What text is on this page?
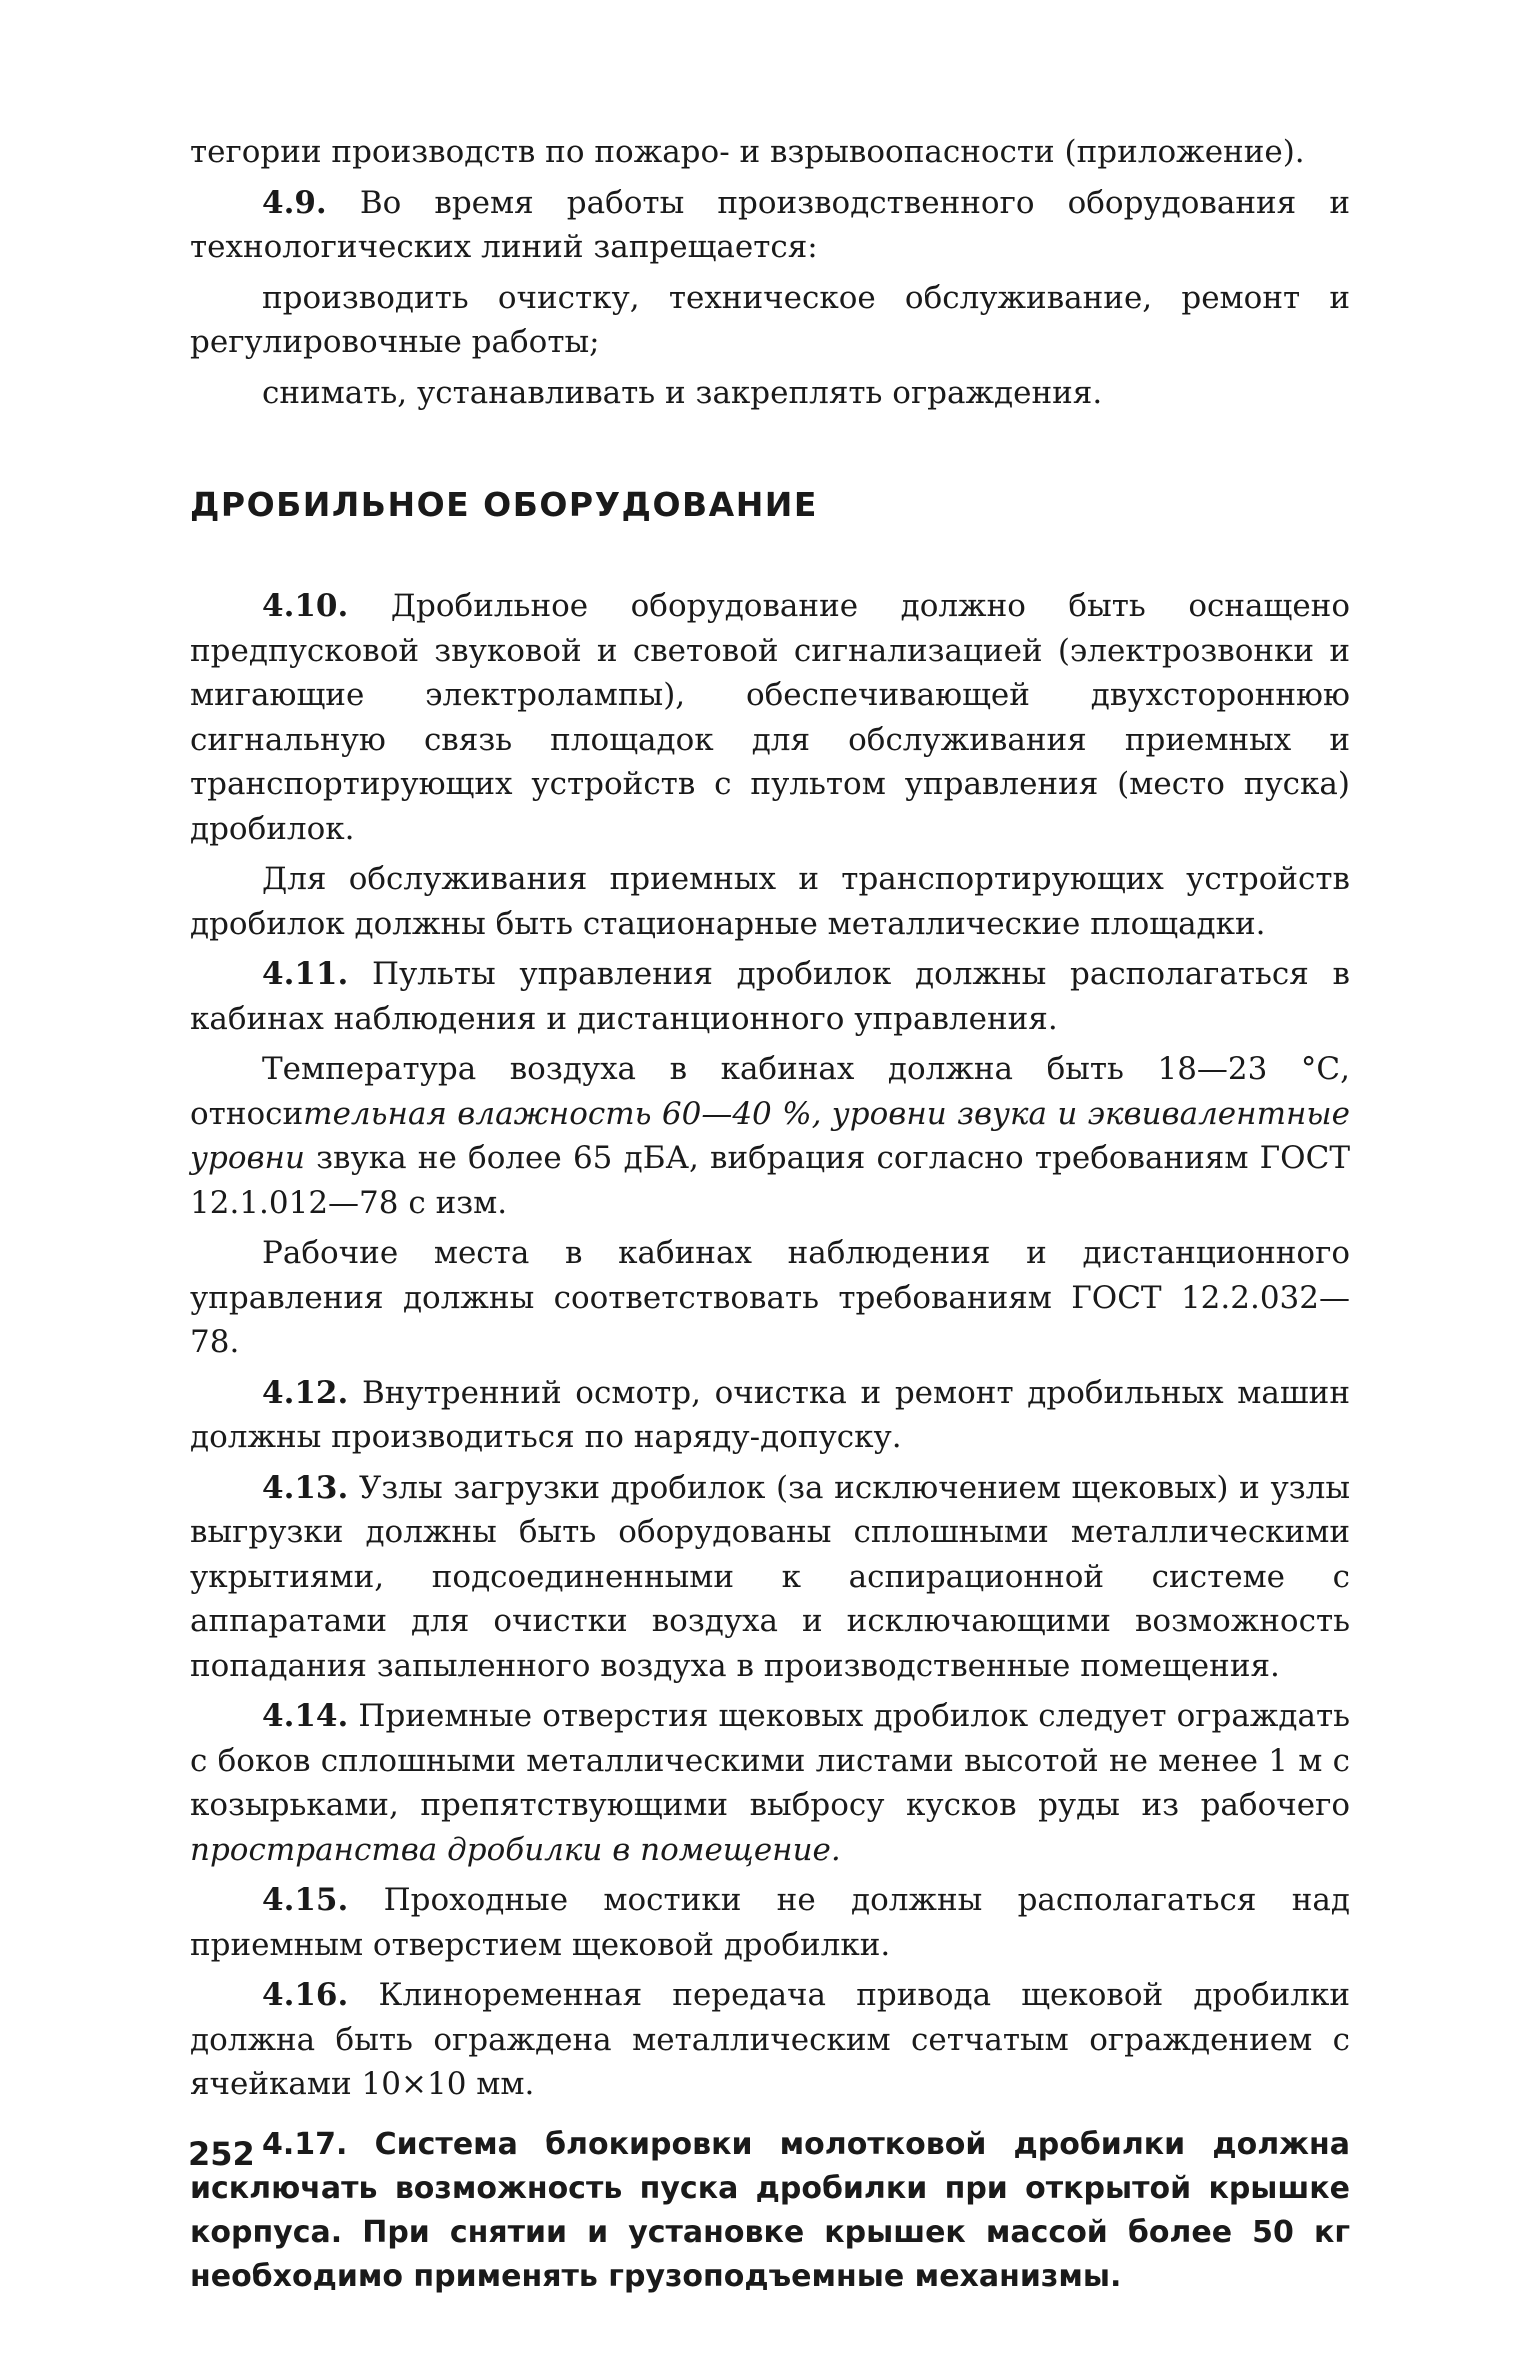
тегории производств по пожаро- и взрывоопасности (приложение).

4.9. Во время работы производственного оборудования и технологических линий запрещается:

производить очистку, техническое обслуживание, ремонт и регулировочные работы;

снимать, устанавливать и закреплять ограждения.

ДРОБИЛЬНОЕ ОБОРУДОВАНИЕ

4.10. Дробильное оборудование должно быть оснащено предпусковой звуковой и световой сигнализацией (электрозвонки и мигающие электролампы), обеспечивающей двухстороннюю сигнальную связь площадок для обслуживания приемных и транспортирующих устройств с пультом управления (место пуска) дробилок.

Для обслуживания приемных и транспортирующих устройств дробилок должны быть стационарные металлические площадки.

4.11. Пульты управления дробилок должны располагаться в кабинах наблюдения и дистанционного управления.

Температура воздуха в кабинах должна быть 18—23 °С, относительная влажность 60—40 %, уровни звука и эквивалентные уровни звука не более 65 дБА, вибрация согласно требованиям ГОСТ 12.1.012—78 с изм.

Рабочие места в кабинах наблюдения и дистанционного управления должны соответствовать требованиям ГОСТ 12.2.032—78.

4.12. Внутренний осмотр, очистка и ремонт дробильных машин должны производиться по наряду-допуску.

4.13. Узлы загрузки дробилок (за исключением щековых) и узлы выгрузки должны быть оборудованы сплошными металлическими укрытиями, подсоединенными к аспирационной системе с аппаратами для очистки воздуха и исключающими возможность попадания запыленного воздуха в производственные помещения.

4.14. Приемные отверстия щековых дробилок следует ограждать с боков сплошными металлическими листами высотой не менее 1 м с козырьками, препятствующими выбросу кусков руды из рабочего пространства дробилки в помещение.

4.15. Проходные мостики не должны располагаться над приемным отверстием щековой дробилки.

4.16. Клиноременная передача привода щековой дробилки должна быть ограждена металлическим сетчатым ограждением с ячейками 10×10 мм.

4.17. Система блокировки молотковой дробилки должна исключать возможность пуска дробилки при открытой крышке корпуса. При снятии и установке крышек массой более 50 кг необходимо применять грузоподъемные механизмы.

252
